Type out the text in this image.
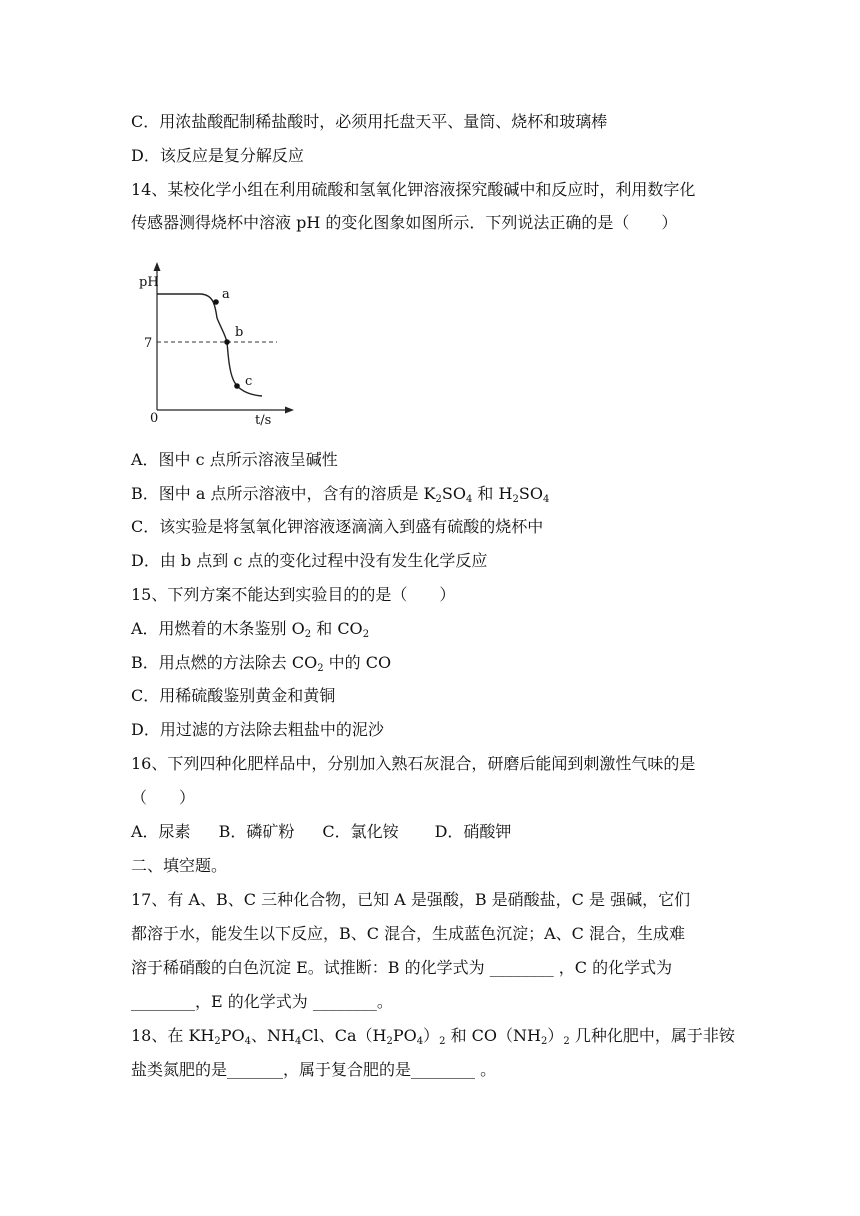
C．用浓盐酸配制稀盐酸时，必须用托盘天平、量筒、烧杯和玻璃棒
D．该反应是复分解反应
14、某校化学小组在利用硫酸和氢氧化钾溶液探究酸碱中和反应时，利用数字化
传感器测得烧杯中溶液 pH 的变化图象如图所示．下列说法正确的是（　　）
pH
t/s
0
7
a
b
c
A．图中 c 点所示溶液呈碱性
B．图中 a 点所示溶液中，含有的溶质是 $K_2SO_4$ 和 $H_2SO_4$
C．该实验是将氢氧化钾溶液逐滴滴入到盛有硫酸的烧杯中
D．由 b 点到 c 点的变化过程中没有发生化学反应
15、下列方案不能达到实验目的的是（　　）
A．用燃着的木条鉴别 $O_2$ 和 $CO_2$
B．用点燃的方法除去 $CO_2$ 中的 CO
C．用稀硫酸鉴别黄金和黄铜
D．用过滤的方法除去粗盐中的泥沙
16、下列四种化肥样品中，分别加入熟石灰混合，研磨后能闻到刺激性气味的是
（　　）
A．尿素 B．磷矿粉 C．氯化铵 D．硝酸钾
二、填空题。
17、有 A、B、C 三种化合物，已知 A 是强酸，B 是硝酸盐，C 是 强碱，它们
都溶于水，能发生以下反应，B、C 混合，生成蓝色沉淀；A、C 混合，生成难
溶于稀硝酸的白色沉淀 E。试推断：B 的化学式为 ________ ，C 的化学式为
________，E 的化学式为 ________。
18、在 $KH_2PO_4$、$NH_4Cl$、$Ca(H_2PO_4)_2$ 和 $CO(NH_2)_2$ 几种化肥中，属于非铵
盐类氮肥的是_______，属于复合肥的是________ 。
